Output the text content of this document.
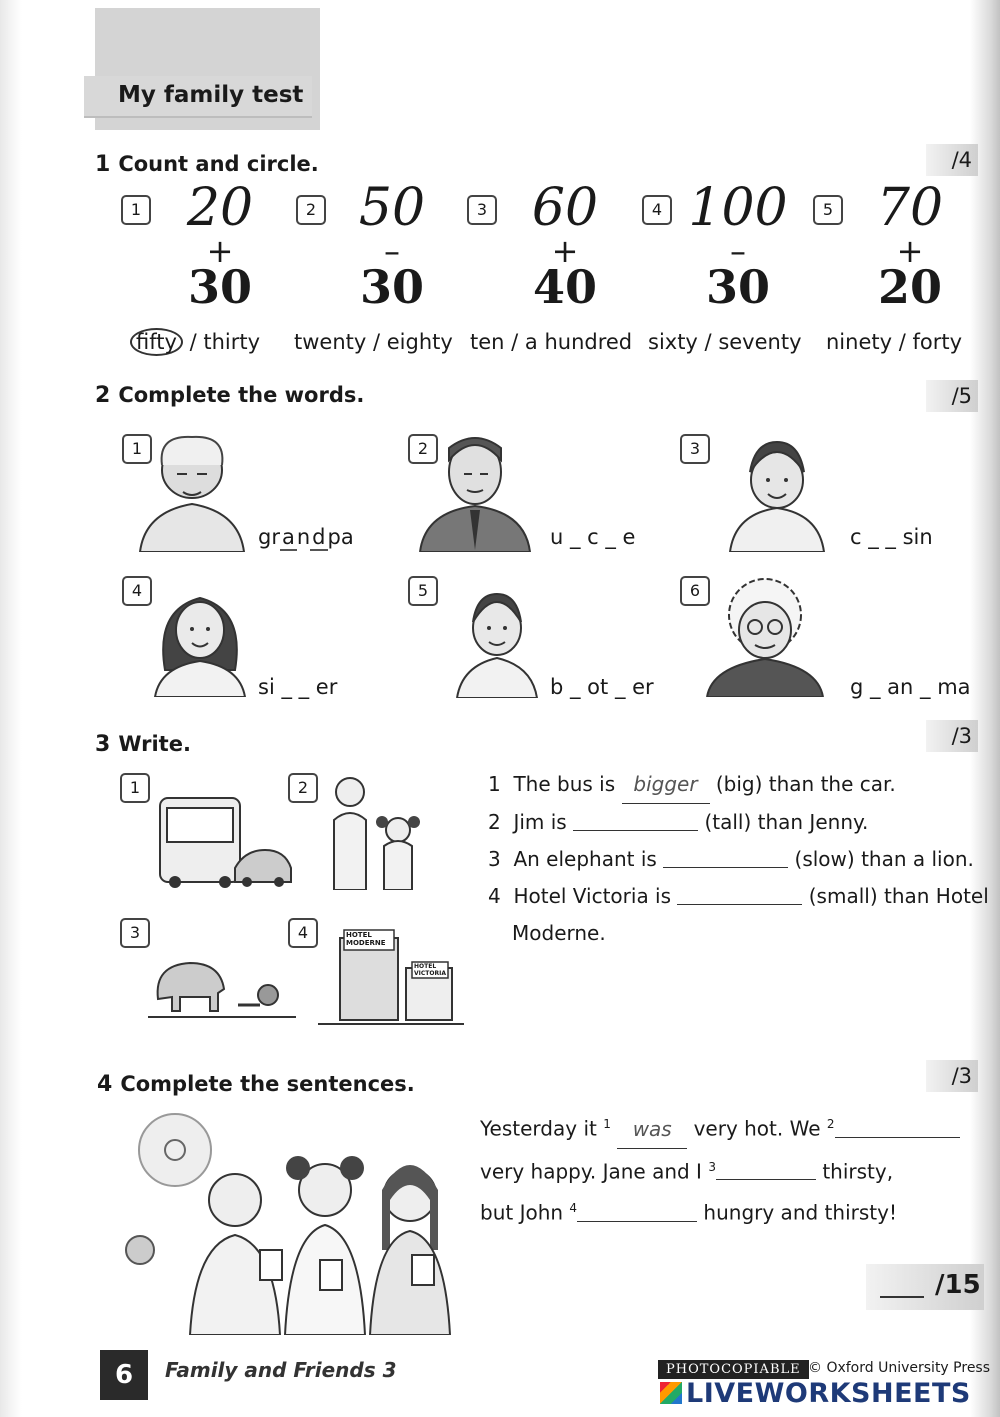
My family test
1 Count and circle.	/4
1 20
+
30
fifty / thirty
2 50
–
30
twenty / eighty
3 60
+
40
ten / a hundred
4 100
–
30
sixty / seventy
5 70
+
20
ninety / forty
2 Complete the words.	/5
1
grandpa
2
u _ c _ e
3
c _ _ sin
4
si _ _ er
5
b _ ot _ er
6
g _ an _ ma
3 Write.	/3
1	2
3	4	HOTEL MODERNE
HOTEL VICTORIA
1 The bus is bigger (big) than the car.
2 Jim is	(tall) than Jenny.
3 An elephant is	(slow) than a lion.
4 Hotel Victoria is	(small) than Hotel
Moderne.
4 Complete the sentences.	/3
Yesterday it $^1$ was very hot. We $^2$
very happy. Jane and I $^3$	thirsty,
but John $^4$	hungry and thirsty!
/15
6	Family and Friends 3	PHOTOCOPIABLE © Oxford University Press
LIVEWORKSHEETS
